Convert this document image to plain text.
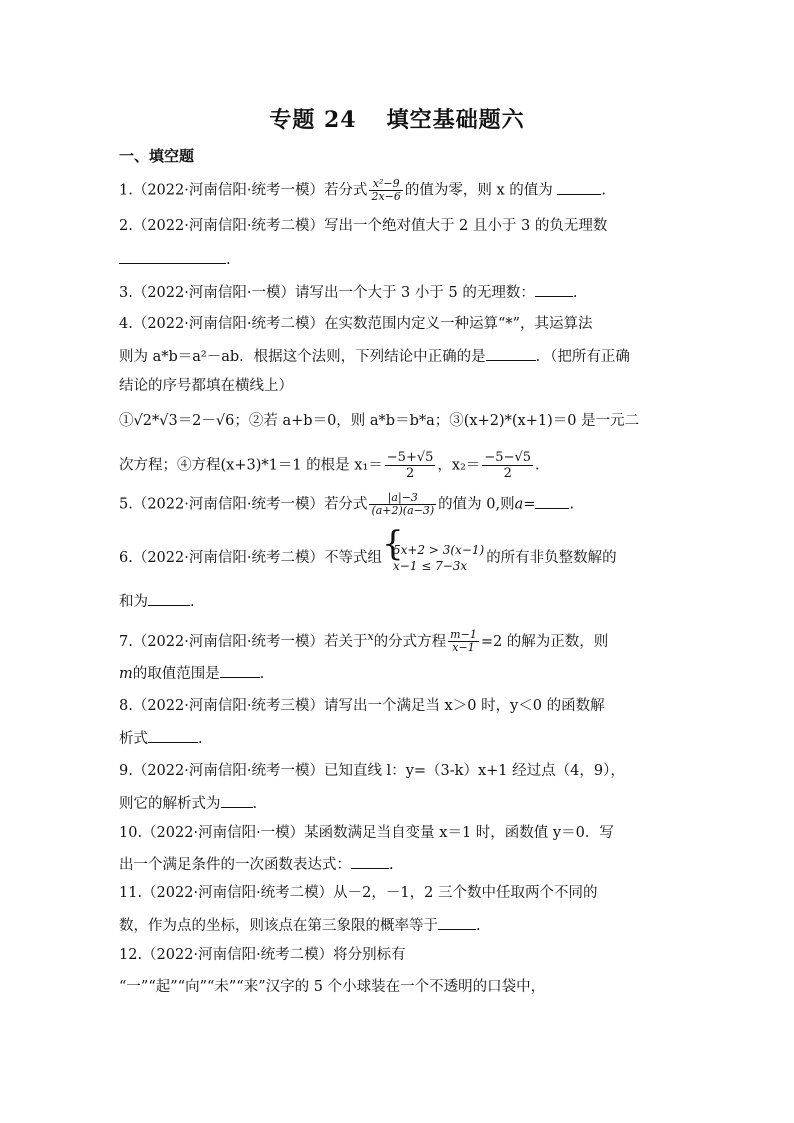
专题 24 填空基础题六
一、填空题
1.（2022·河南信阳·统考一模）若分式 $\frac{\text{x²−9}}{2x-6}$ 的值为零，则 x 的值为	.
2.（2022·河南信阳·统考二模）写出一个绝对值大于 2 且小于 3 的负无理数
.
3.（2022·河南信阳·一模）请写出一个大于 3 小于 5 的无理数：	.
4.（2022·河南信阳·统考二模）在实数范围内定义一种运算“*”，其运算法
则为 a*b＝a²－ab．根据这个法则，下列结论中正确的是	．（把所有正确
结论的序号都填在横线上）
①√2*√3＝2－√6；②若 a+b＝0，则 a*b＝b*a；③(x+2)*(x+1)＝0 是一元二
次方程；④方程(x+3)*1＝1 的根是 $x_1= \frac{-5+√5}{2}$ ，$x_2= \frac{-5-√5}{2}$ .
5.（2022·河南信阳·统考一模）若分式 $\frac{|a|-3}{(a+2)(a-3)}$ 的值为 0,则a= .
6.（2022·河南信阳·统考二模）不等式组 { 5x+2 > 3(x−1)
x−1 ≤ 7−3x	的所有非负整数解的
和为	.
7.（2022·河南信阳·统考一模）若关于$^x$的分式方程 $\frac{m-1}{x-1} =2$ 的解为正数，则
m的取值范围是	.
8.（2022·河南信阳·统考三模）请写出一个满足当 x＞0 时，y＜0 的函数解
析式	.
9.（2022·河南信阳·统考一模）已知直线 l：y=（3-k）x+1 经过点（4，9），
则它的解析式为 .
10.（2022·河南信阳·一模）某函数满足当自变量 x＝1 时，函数值 y＝0．写
出一个满足条件的一次函数表达式：	.
11.（2022·河南信阳·统考二模）从－2，－1，2 三个数中任取两个不同的
数，作为点的坐标，则该点在第三象限的概率等于	.
12.（2022·河南信阳·统考二模）将分别标有
“一”“起”“向”“未”“来”汉字的 5 个小球装在一个不透明的口袋中，
